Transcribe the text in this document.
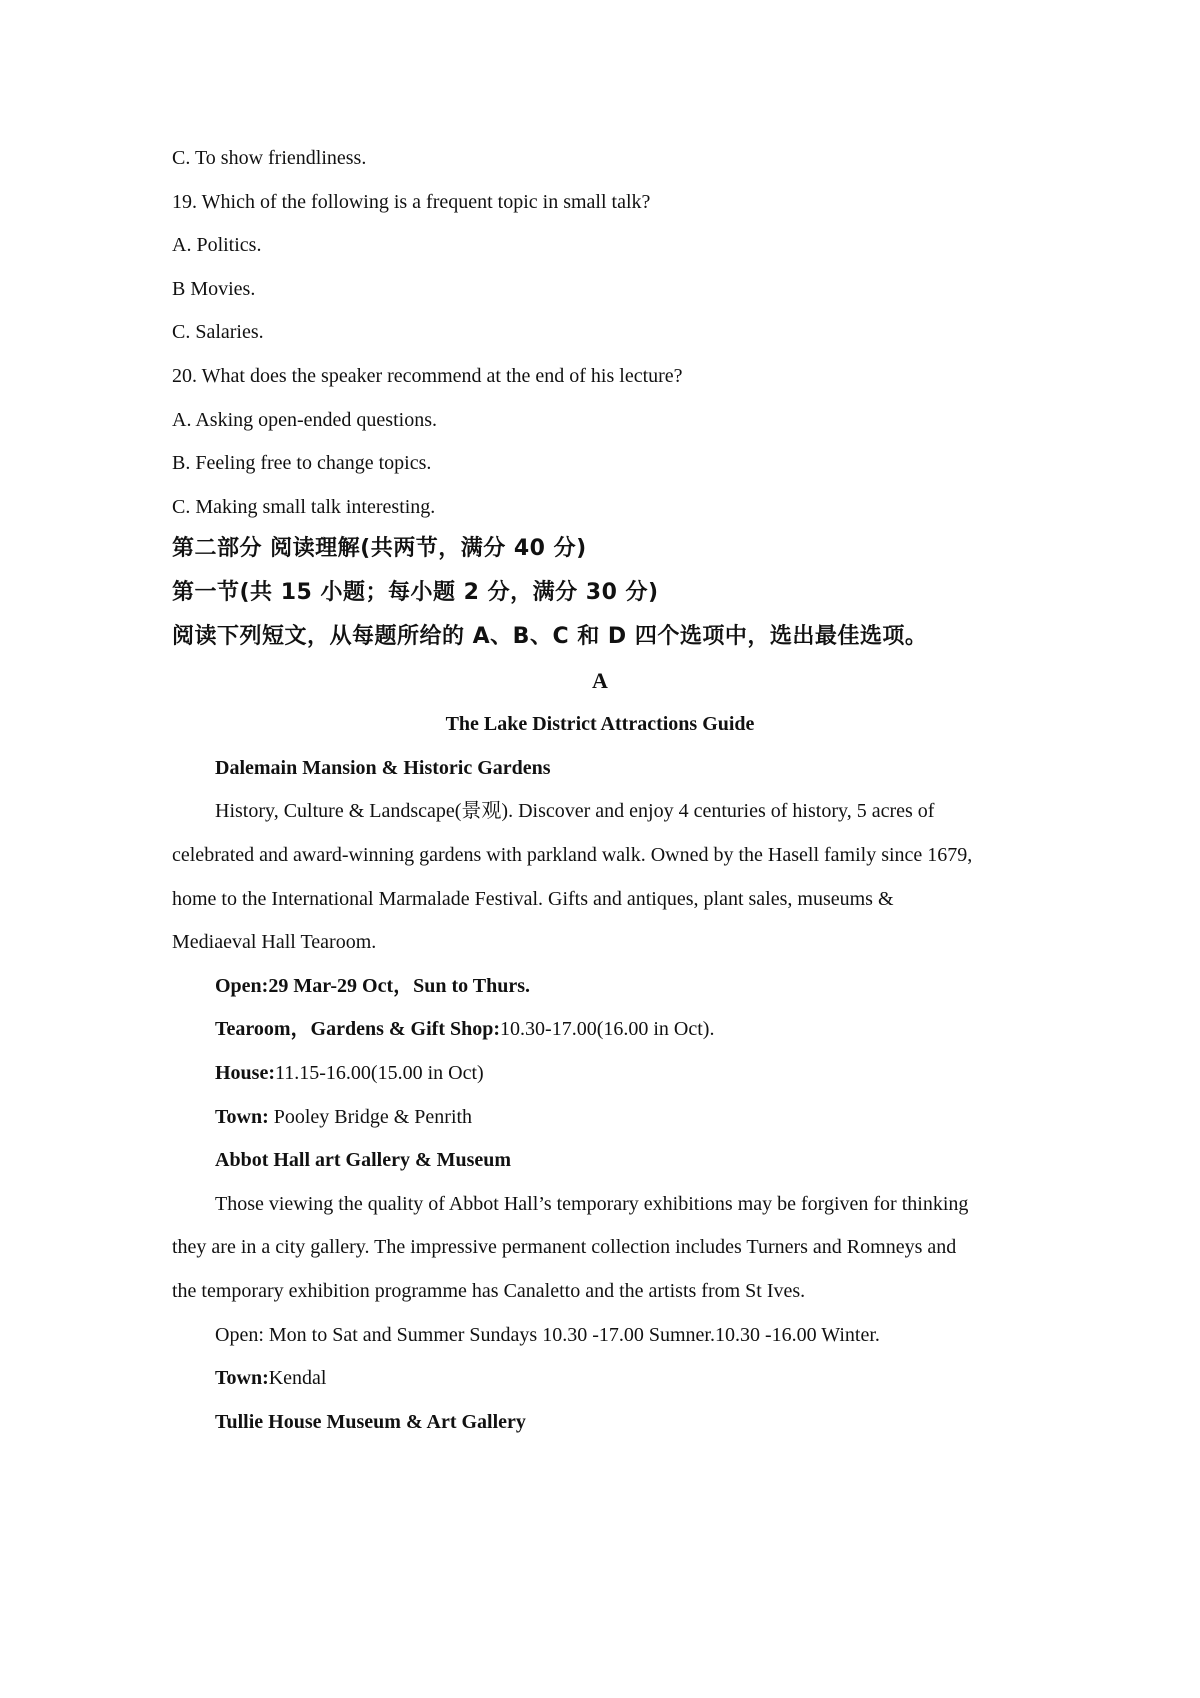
C. To show friendliness.
19. Which of the following is a frequent topic in small talk?
A. Politics.
B Movies.
C. Salaries.
20. What does the speaker recommend at the end of his lecture?
A. Asking open-ended questions.
B. Feeling free to change topics.
C. Making small talk interesting.
第二部分 阅读理解(共两节，满分 40 分)
第一节(共 15 小题；每小题 2 分，满分 30 分)
阅读下列短文，从每题所给的 A、B、C 和 D 四个选项中，选出最佳选项。
A
The Lake District Attractions Guide
Dalemain Mansion & Historic Gardens
History, Culture & Landscape(景观). Discover and enjoy 4 centuries of history, 5 acres of
celebrated and award-winning gardens with parkland walk. Owned by the Hasell family since 1679,
home to the International Marmalade Festival. Gifts and antiques, plant sales, museums &
Mediaeval Hall Tearoom.
Open:29 Mar-29 Oct，Sun to Thurs.
Tearoom，Gardens & Gift Shop:10.30-17.00(16.00 in Oct).
House:11.15-16.00(15.00 in Oct)
Town: Pooley Bridge & Penrith
Abbot Hall art Gallery & Museum
Those viewing the quality of Abbot Hall’s temporary exhibitions may be forgiven for thinking
they are in a city gallery. The impressive permanent collection includes Turners and Romneys and
the temporary exhibition programme has Canaletto and the artists from St Ives.
Open: Mon to Sat and Summer Sundays 10.30 -17.00 Sumner.10.30 -16.00 Winter.
Town:Kendal
Tullie House Museum & Art Gallery
